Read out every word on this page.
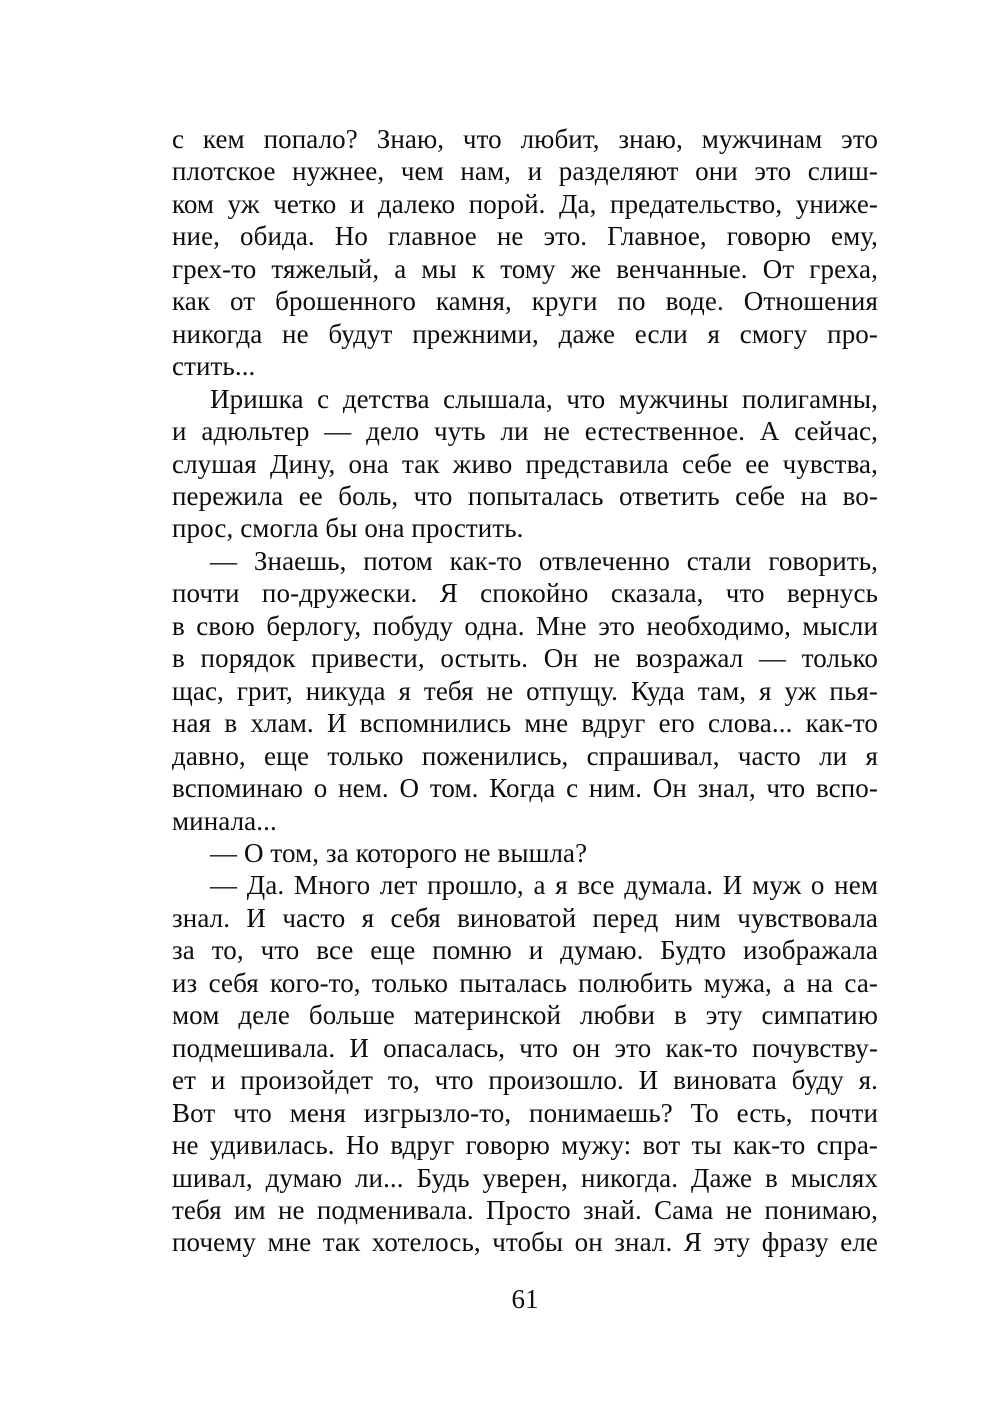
с кем попало? Знаю, что любит, знаю, мужчинам это
плотское нужнее, чем нам, и разделяют они это слиш-
ком уж четко и далеко порой. Да, предательство, униже-
ние, обида. Но главное не это. Главное, говорю ему,
грех-то тяжелый, а мы к тому же венчанные. От греха,
как от брошенного камня, круги по воде. Отношения
никогда не будут прежними, даже если я смогу про-
стить...
Иришка с детства слышала, что мужчины полигамны,
и адюльтер — дело чуть ли не естественное. А сейчас,
слушая Дину, она так живо представила себе ее чувства,
пережила ее боль, что попыталась ответить себе на во-
прос, смогла бы она простить.
— Знаешь, потом как-то отвлеченно стали говорить,
почти по-дружески. Я спокойно сказала, что вернусь
в свою берлогу, побуду одна. Мне это необходимо, мысли
в порядок привести, остыть. Он не возражал — только
щас, грит, никуда я тебя не отпущу. Куда там, я уж пья-
ная в хлам. И вспомнились мне вдруг его слова... как-то
давно, еще только поженились, спрашивал, часто ли я
вспоминаю о нем. О том. Когда с ним. Он знал, что вспо-
минала...
— О том, за которого не вышла?
— Да. Много лет прошло, а я все думала. И муж о нем
знал. И часто я себя виноватой перед ним чувствовала
за то, что все еще помню и думаю. Будто изображала
из себя кого-то, только пыталась полюбить мужа, а на са-
мом деле больше материнской любви в эту симпатию
подмешивала. И опасалась, что он это как-то почувству-
ет и произойдет то, что произошло. И виновата буду я.
Вот что меня изгрызло-то, понимаешь? То есть, почти
не удивилась. Но вдруг говорю мужу: вот ты как-то спра-
шивал, думаю ли... Будь уверен, никогда. Даже в мыслях
тебя им не подменивала. Просто знай. Сама не понимаю,
почему мне так хотелось, чтобы он знал. Я эту фразу еле
61
